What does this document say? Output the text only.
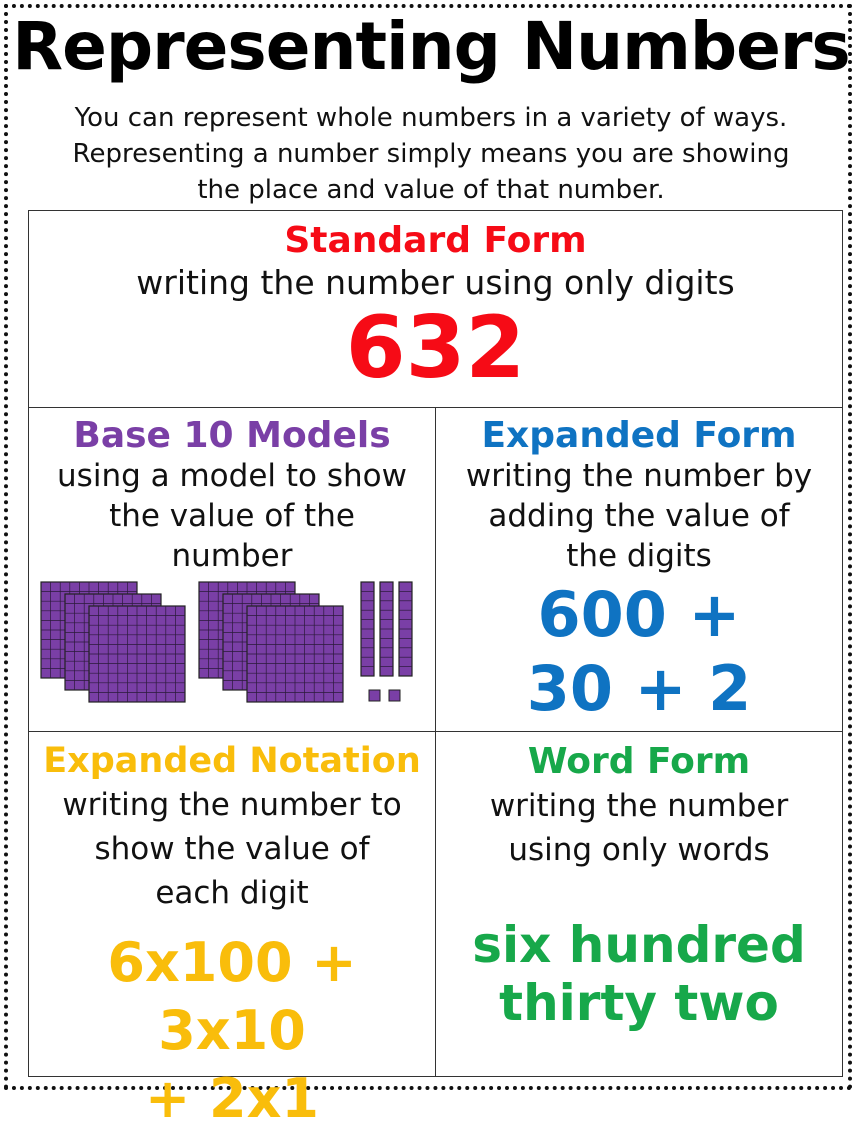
Representing Numbers
You can represent whole numbers in a variety of ways.
Representing a number simply means you are showing
the place and value of that number.
Standard Form
writing the number using only digits
632
Base 10 Models
using a model to show
the value of the
number
Expanded Form
writing the number by
adding the value of
the digits
600 +
30 + 2
Expanded Notation
writing the number to
show the value of
each digit
6x100 + 3x10
+ 2x1
Word Form
writing the number
using only words
six hundred
thirty two
